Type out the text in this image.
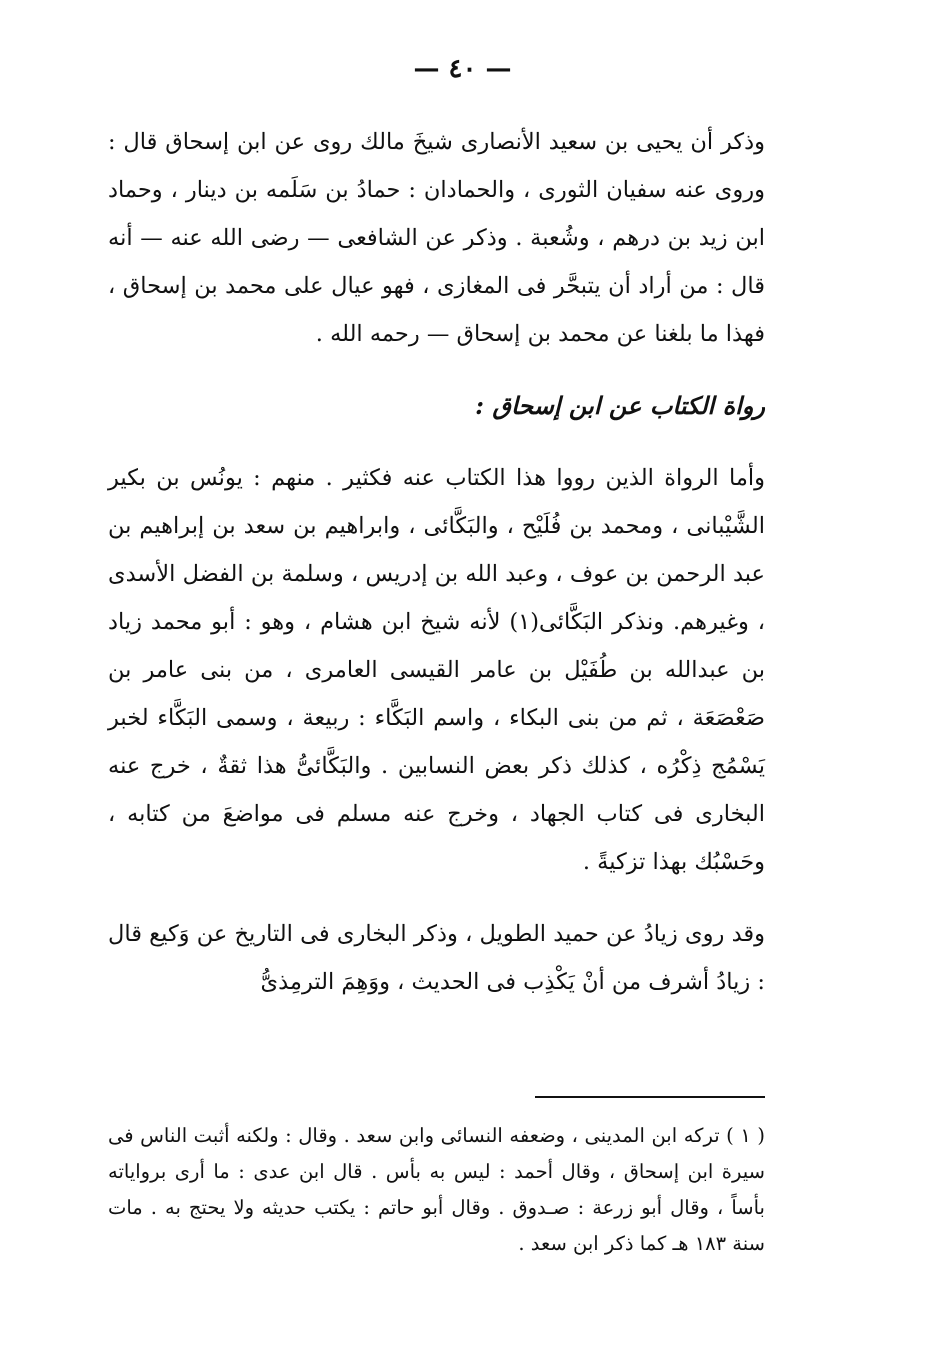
— ٤٠ —

وذكر أن يحيى بن سعيد الأنصارى شيخَ مالك روى عن ابن إسحاق قال : وروى عنه سفيان الثورى ، والحمادان : حمادُ بن سَلَمه بن دينار ، وحماد ابن زيد بن درهم ، وشُعبة . وذكر عن الشافعى — رضى الله عنه — أنه قال : من أراد أن يتبحَّر فى المغازى ، فهو عيال على محمد بن إسحاق ، فهذا ما بلغنا عن محمد بن إسحاق — رحمه الله .

رواة الكتاب عن ابن إسحاق :

وأما الرواة الذين رووا هذا الكتاب عنه فكثير . منهم : يونُس بن بكير الشَّيْبانى ، ومحمد بن فُلَيْح ، والبَكَّائى ، وابراهيم بن سعد بن إبراهيم بن عبد الرحمن بن عوف ، وعبد الله بن إدريس ، وسلمة بن الفضل الأسدى ، وغيرهم. ونذكر البَكَّائى(١) لأنه شيخ ابن هشام ، وهو : أبو محمد زياد بن عبدالله بن طُفَيْل بن عامر القيسى العامرى ، من بنى عامر بن صَعْصَعَة ، ثم من بنى البكاء ، واسم البَكَّاء : ربيعة ، وسمى البَكَّاء لخبر يَسْمُج ذِكْرُه ، كذلك ذكر بعض النسابين . والبَكَّائىُّ هذا ثقةٌ ، خرج عنه البخارى فى كتاب الجهاد ، وخرج عنه مسلم فى مواضعَ من كتابه ، وحَسْبُك بهذا تزكيةً .

وقد روى زيادُ عن حميد الطويل ، وذكر البخارى فى التاريخ عن وَكيع قال : زيادُ أشرف من أنْ يَكْذِب فى الحديث ، ووَهِمَ الترمِذىُّ

( ١ ) تركه ابن المدينى ، وضعفه النسائى وابن سعد . وقال : ولكنه أثبت الناس فى سيرة ابن إسحاق ، وقال أحمد : ليس به بأس . قال ابن عدى : ما أرى برواياته بأساً ، وقال أبو زرعة : صـدوق . وقال أبو حاتم : يكتب حديثه ولا يحتج به . مات سنة ١٨٣ هـ كما ذكر ابن سعد .
